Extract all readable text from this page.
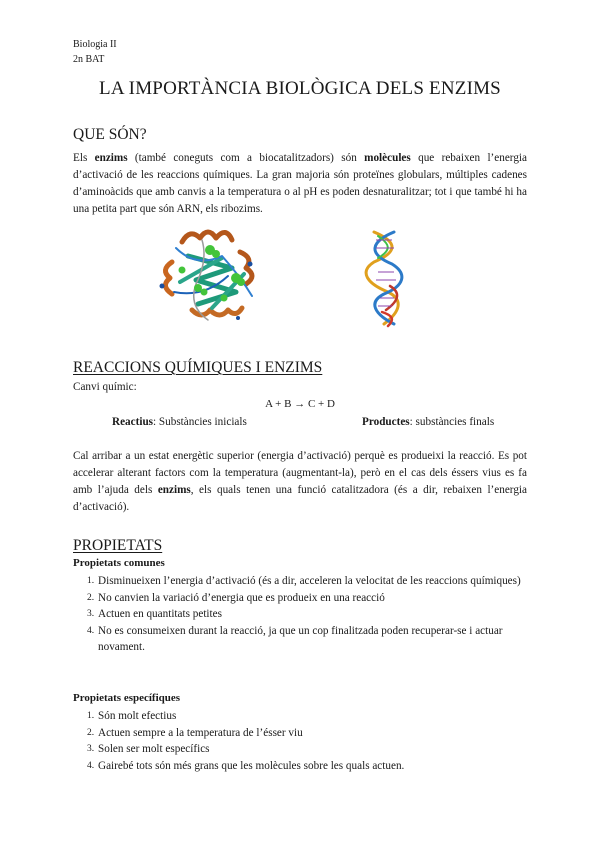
Biologia II
2n BAT
LA IMPORTÀNCIA BIOLÒGICA DELS ENZIMS
QUE SÓN?
Els enzims (també coneguts com a biocatalitzadors) són molècules que rebaixen l’energia d’activació de les reaccions químiques. La gran majoria són proteïnes globulars, múltiples cadenes d’aminoàcids que amb canvis a la temperatura o al pH es poden desnaturalitzar; tot i que també hi ha una petita part que són ARN, els ribozims.
REACCIONS QUÍMIQUES I ENZIMS
Canvi químic:
A + B → C + D
Reactius: Substàncies inicials	Productes: substàncies finals
Cal arribar a un estat energètic superior (energia d’activació) perquè es produeixi la reacció. Es pot accelerar alterant factors com la temperatura (augmentant-la), però en el cas dels éssers vius es fa amb l’ajuda dels enzims, els quals tenen una funció catalitzadora (és a dir, rebaixen l’energia d’activació).
PROPIETATS
Propietats comunes
1. Disminueixen l’energia d’activació (és a dir, acceleren la velocitat de les reaccions químiques)
2. No canvien la variació d’energia que es produeix en una reacció
3. Actuen en quantitats petites
4. No es consumeixen durant la reacció, ja que un cop finalitzada poden recuperar-se i actuar novament.
Propietats específiques
1. Són molt efectius
2. Actuen sempre a la temperatura de l’ésser viu
3. Solen ser molt específics
4. Gairebé tots són més grans que les molècules sobre les quals actuen.
